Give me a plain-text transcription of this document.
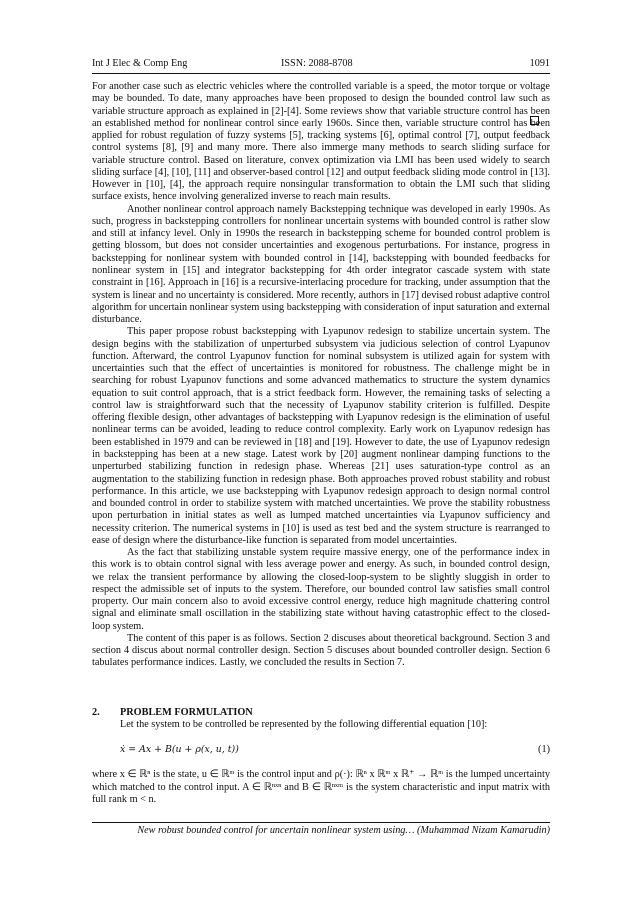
Int J Elec & Comp Eng	ISSN: 2088-8708	1091

For another case such as electric vehicles where the controlled variable is a speed, the motor torque or voltage may be bounded. To date, many approaches have been proposed to design the bounded control law such as variable structure approach as explained in [2]-[4]. Some reviews show that variable structure control has been an established method for nonlinear control since early 1960s. Since then, variable structure control has been applied for robust regulation of fuzzy systems [5], tracking systems [6], optimal control [7], output feedback control systems [8], [9] and many more. There also immerge many methods to search sliding surface for variable structure control. Based on literature, convex optimization via LMI has been used widely to search sliding surface [4], [10], [11] and observer-based control [12] and output feedback sliding mode control in [13]. However in [10], [4], the approach require nonsingular transformation to obtain the LMI such that sliding surface exists, hence involving generalized inverse to reach main results.

Another nonlinear control approach namely Backstepping technique was developed in early 1990s. As such, progress in backstepping controllers for nonlinear uncertain systems with bounded control is rather slow and still at infancy level. Only in 1990s the research in backstepping scheme for bounded control problem is getting blossom, but does not consider uncertainties and exogenous perturbations. For instance, progress in backstepping for nonlinear system with bounded control in [14], backstepping with bounded feedbacks for nonlinear system in [15] and integrator backstepping for 4th order integrator cascade system with state constraint in [16]. Approach in [16] is a recursive-interlacing procedure for tracking, under assumption that the system is linear and no uncertainty is considered. More recently, authors in [17] devised robust adaptive control algorithm for uncertain nonlinear system using backstepping with consideration of input saturation and external disturbance.

This paper propose robust backstepping with Lyapunov redesign to stabilize uncertain system. The design begins with the stabilization of unperturbed subsystem via judicious selection of control Lyapunov function. Afterward, the control Lyapunov function for nominal subsystem is utilized again for system with uncertainties such that the effect of uncertainties is monitored for robustness. The challenge might be in searching for robust Lyapunov functions and some advanced mathematics to structure the system dynamics equation to suit control approach, that is a strict feedback form. However, the remaining tasks of selecting a control law is straightforward such that the necessity of Lyapunov stability criterion is fulfilled. Despite offering flexible design, other advantages of backstepping with Lyapunov redesign is the elimination of useful nonlinear terms can be avoided, leading to reduce control complexity. Early work on Lyapunov redesign has been established in 1979 and can be reviewed in [18] and [19]. However to date, the use of Lyapunov redesign in backstepping has been at a new stage. Latest work by [20] augment nonlinear damping functions to the unperturbed stabilizing function in redesign phase. Whereas [21] uses saturation-type control as an augmentation to the stabilizing function in redesign phase. Both approaches proved robust stability and robust performance. In this article, we use backstepping with Lyapunov redesign approach to design normal control and bounded control in order to stabilize system with matched uncertainties. We prove the stability robustness upon perturbation in initial states as well as lumped matched uncertainties via Lyapunov sufficiency and necessity criterion. The numerical systems in [10] is used as test bed and the system structure is rearranged to ease of design where the disturbance-like function is separated from model uncertainties.

As the fact that stabilizing unstable system require massive energy, one of the performance index in this work is to obtain control signal with less average power and energy. As such, in bounded control design, we relax the transient performance by allowing the closed-loop-system to be slightly sluggish in order to respect the admissible set of inputs to the system. Therefore, our bounded control law satisfies small control property. Our main concern also to avoid excessive control energy, reduce high magnitude chattering control signal and eliminate small oscillation in the stabilizing state without having catastrophic effect to the closed-loop system.

The content of this paper is as follows. Section 2 discuses about theoretical background. Section 3 and section 4 discus about normal controller design. Section 5 discuses about bounded controller design. Section 6 tabulates performance indices. Lastly, we concluded the results in Section 7.

2. PROBLEM FORMULATION

Let the system to be controlled be represented by the following differential equation [10]:

ẋ = Ax + B(u + ρ(x, u, t))	(1)

where x ∈ ℝⁿ is the state, u ∈ ℝᵐ is the control input and ρ(·): ℝⁿ x ℝᵐ x ℝ⁺ → ℝᵐ is the lumped uncertainty which matched to the control input. A ∈ ℝⁿˣⁿ and B ∈ ℝⁿˣᵐ is the system characteristic and input matrix with full rank m < n.

New robust bounded control for uncertain nonlinear system using… (Muhammad Nizam Kamarudin)
